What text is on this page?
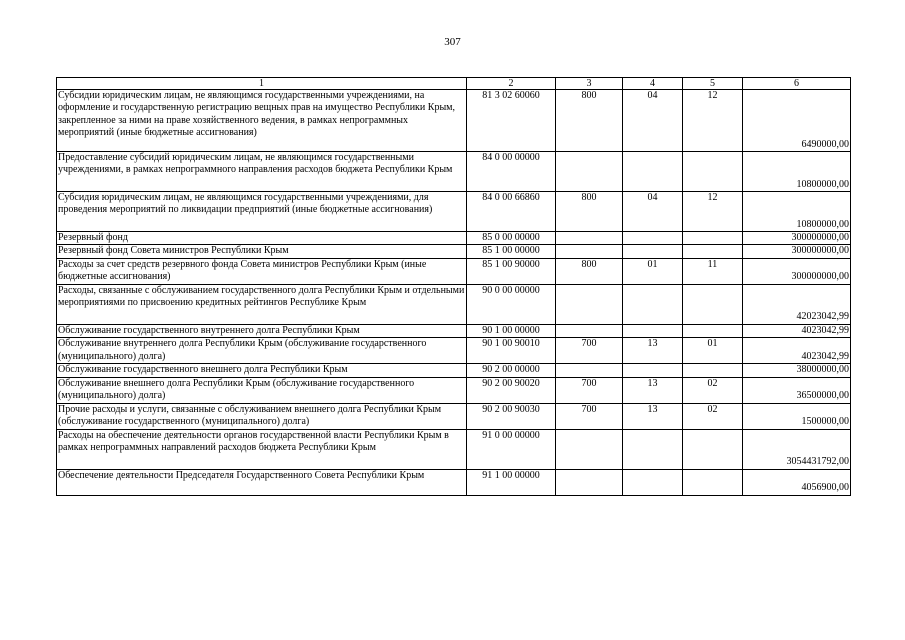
307
1	2	3	4	5	6
Субсидии юридическим лицам, не являющимся государственными учреждениями, на оформление и государственную регистрацию вещных прав на имущество Республики Крым, закрепленное за ними на праве хозяйственного ведения, в рамках непрограммных мероприятий (иные бюджетные ассигнования)	81 3 02 60060	800	04	12	6490000,00
Предоставление субсидий юридическим лицам, не являющимся государственными учреждениями, в рамках непрограммного направления расходов бюджета Республики Крым	84 0 00 00000				10800000,00
Субсидия юридическим лицам, не являющимся государственными учреждениями, для проведения мероприятий по ликвидации предприятий (иные бюджетные ассигнования)	84 0 00 66860	800	04	12	10800000,00
Резервный фонд	85 0 00 00000				300000000,00
Резервный фонд Совета министров Республики Крым	85 1 00 00000				300000000,00
Расходы за счет средств резервного фонда Совета министров Республики Крым (иные бюджетные ассигнования)	85 1 00 90000	800	01	11	300000000,00
Расходы, связанные с обслуживанием государственного долга Республики Крым и отдельными мероприятиями по присвоению кредитных рейтингов Республике Крым	90 0 00 00000				42023042,99
Обслуживание государственного внутреннего долга Республики Крым	90 1 00 00000				4023042,99
Обслуживание внутреннего долга Республики Крым (обслуживание государственного (муниципального) долга)	90 1 00 90010	700	13	01	4023042,99
Обслуживание государственного внешнего долга Республики Крым	90 2 00 00000				38000000,00
Обслуживание внешнего долга Республики Крым (обслуживание государственного (муниципального) долга)	90 2 00 90020	700	13	02	36500000,00
Прочие расходы и услуги, связанные с обслуживанием внешнего долга Республики Крым (обслуживание государственного (муниципального) долга)	90 2 00 90030	700	13	02	1500000,00
Расходы на обеспечение деятельности органов государственной власти Республики Крым в рамках непрограммных направлений расходов бюджета Республики Крым	91 0 00 00000				3054431792,00
Обеспечение деятельности Председателя Государственного Совета Республики Крым	91 1 00 00000				4056900,00
